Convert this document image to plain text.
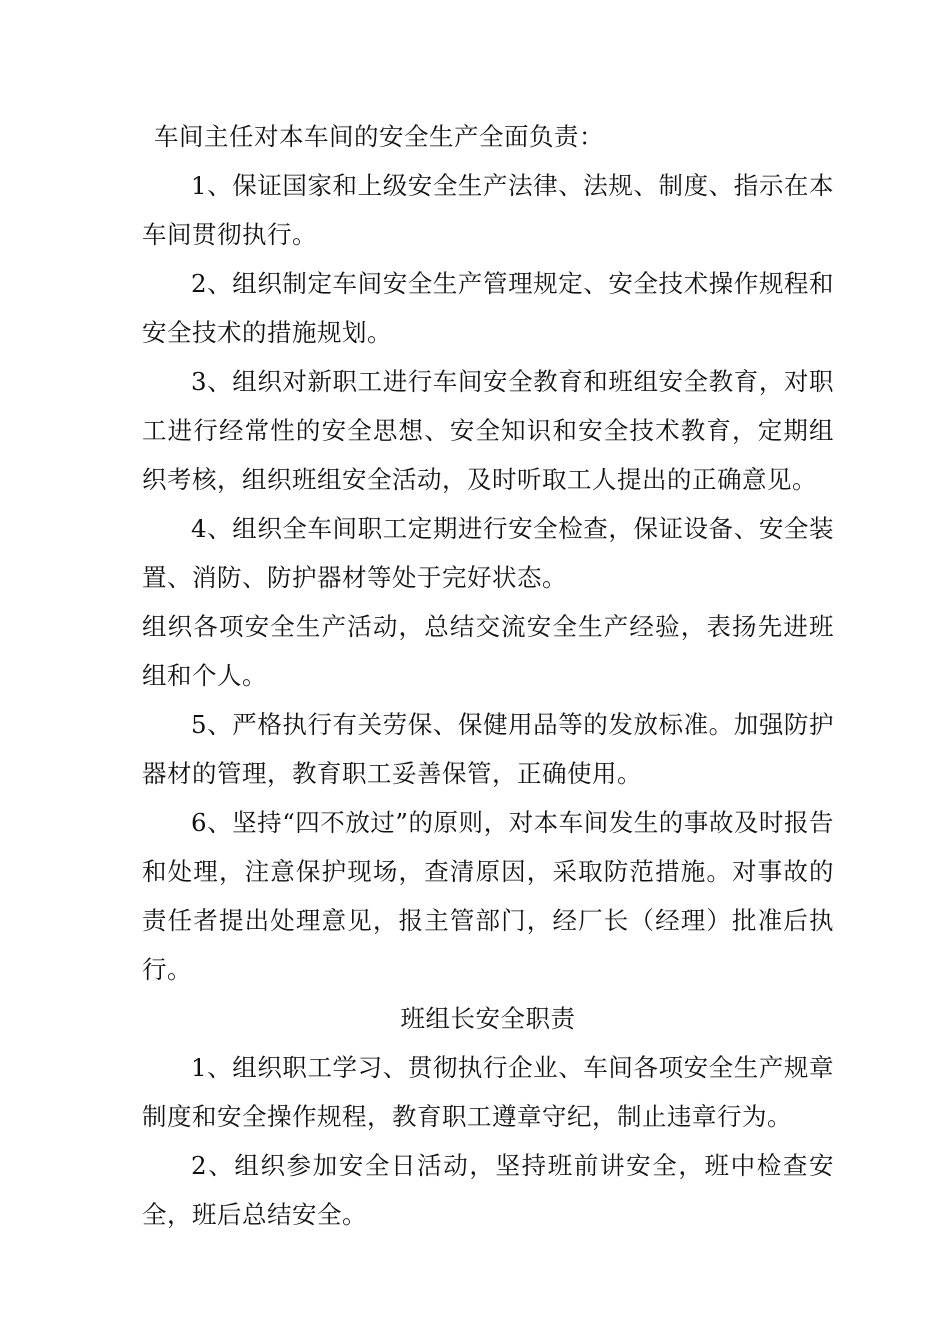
车间主任对本车间的安全生产全面负责：

1、保证国家和上级安全生产法律、法规、制度、指示在本车间贯彻执行。

2、组织制定车间安全生产管理规定、安全技术操作规程和安全技术的措施规划。

3、组织对新职工进行车间安全教育和班组安全教育，对职工进行经常性的安全思想、安全知识和安全技术教育，定期组织考核，组织班组安全活动，及时听取工人提出的正确意见。

4、组织全车间职工定期进行安全检查，保证设备、安全装置、消防、防护器材等处于完好状态。

组织各项安全生产活动，总结交流安全生产经验，表扬先进班组和个人。

5、严格执行有关劳保、保健用品等的发放标准。加强防护器材的管理，教育职工妥善保管，正确使用。

6、坚持“四不放过”的原则，对本车间发生的事故及时报告和处理，注意保护现场，查清原因，采取防范措施。对事故的责任者提出处理意见，报主管部门，经厂长（经理）批准后执行。

班组长安全职责

1、组织职工学习、贯彻执行企业、车间各项安全生产规章制度和安全操作规程，教育职工遵章守纪，制止违章行为。

2、组织参加安全日活动，坚持班前讲安全，班中检查安全，班后总结安全。
